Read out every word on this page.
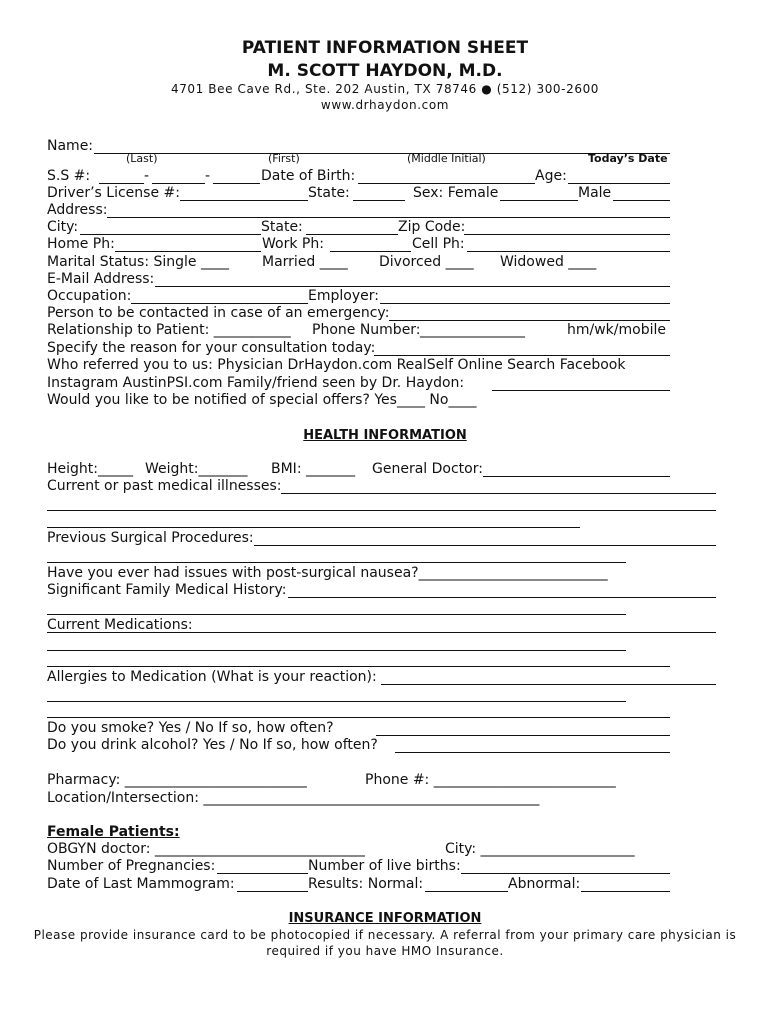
PATIENT INFORMATION SHEET
M. SCOTT HAYDON, M.D.
4701 Bee Cave Rd., Ste. 202 Austin, TX 78746 ● (512) 300-2600
www.drhaydon.com
Name:
(Last)	(First)	(Middle Initial)	Today’s Date
S.S #:	-	-	Date of Birth:	Age:
Driver’s License #:	State:	Sex: Female	Male
Address:
City:	State:	Zip Code:
Home Ph:	Work Ph:	Cell Ph:
Marital Status: Single ____ Married ____ Divorced ____ Widowed ____
E-Mail Address:
Occupation:	Employer:
Person to be contacted in case of an emergency:
Relationship to Patient: ___________ Phone Number: _______________	hm/wk/mobile
Specify the reason for your consultation today:
Who referred you to us: Physician DrHaydon.com RealSelf Online Search Facebook
Instagram AustinPSI.com Family/friend seen by Dr. Haydon:
Would you like to be notified of special offers? Yes____ No____
HEALTH INFORMATION
Height:_____ Weight:_______ BMI: _______ General Doctor:
Current or past medical illnesses:
Previous Surgical Procedures:
Have you ever had issues with post-surgical nausea?___________________________
Significant Family Medical History:
Current Medications:
Allergies to Medication (What is your reaction):
Do you smoke? Yes / No If so, how often?
Do you drink alcohol? Yes / No If so, how often?
Pharmacy: __________________________	Phone #: __________________________
Location/Intersection: ________________________________________________
Female Patients:
OBGYN doctor: ______________________________	City: ______________________
Number of Pregnancies:	Number of live births:
Date of Last Mammogram:	Results: Normal:	Abnormal:
INSURANCE INFORMATION
Please provide insurance card to be photocopied if necessary. A referral from your primary care physician is
required if you have HMO Insurance.
